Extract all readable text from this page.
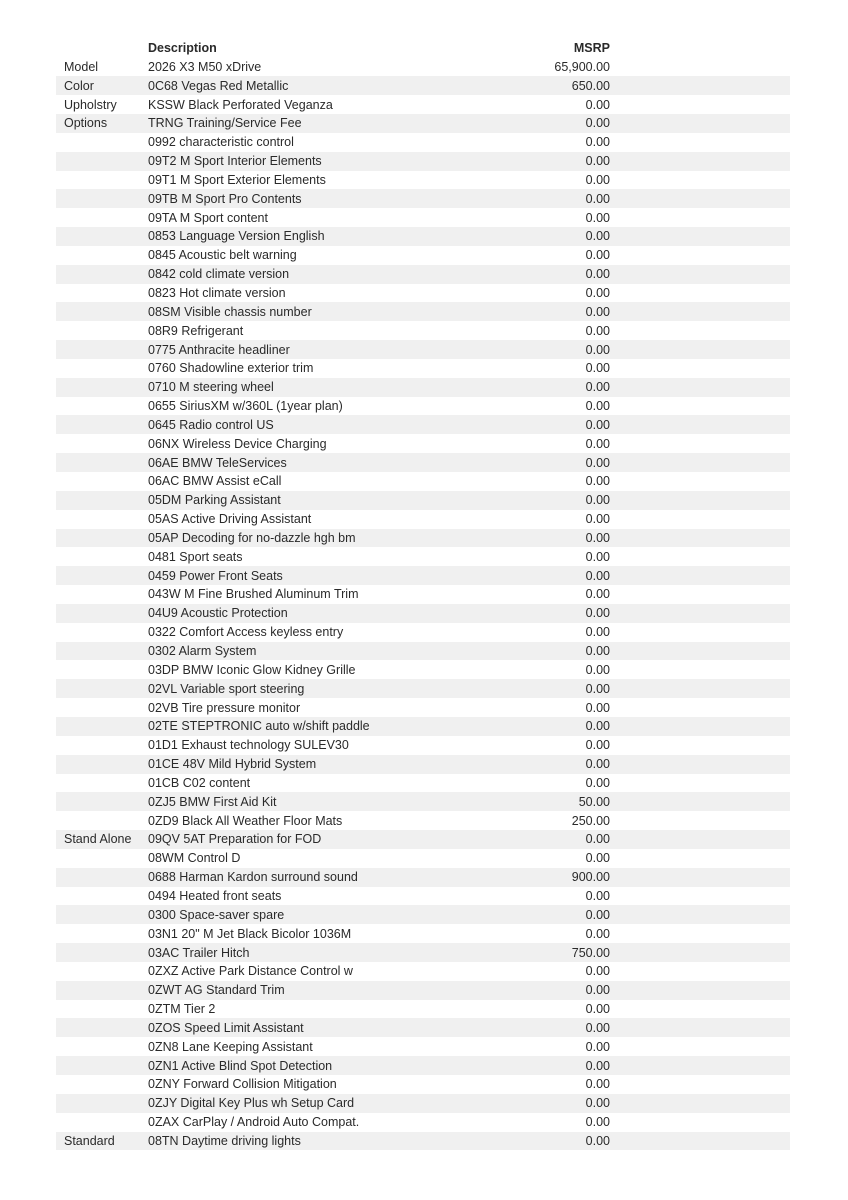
Description	MSRP
Model	2026 X3 M50 xDrive	65,900.00
Color	0C68 Vegas Red Metallic	650.00
Upholstry	KSSW Black Perforated Veganza	0.00
Options	TRNG Training/Service Fee	0.00
0992 characteristic control	0.00
09T2 M Sport Interior Elements	0.00
09T1 M Sport Exterior Elements	0.00
09TB M Sport Pro Contents	0.00
09TA M Sport content	0.00
0853 Language Version English	0.00
0845 Acoustic belt warning	0.00
0842 cold climate version	0.00
0823 Hot climate version	0.00
08SM Visible chassis number	0.00
08R9 Refrigerant	0.00
0775 Anthracite headliner	0.00
0760 Shadowline exterior trim	0.00
0710 M steering wheel	0.00
0655 SiriusXM w/360L (1year plan)	0.00
0645 Radio control US	0.00
06NX Wireless Device Charging	0.00
06AE BMW TeleServices	0.00
06AC BMW Assist eCall	0.00
05DM Parking Assistant	0.00
05AS Active Driving Assistant	0.00
05AP Decoding for no-dazzle hgh bm	0.00
0481 Sport seats	0.00
0459 Power Front Seats	0.00
043W M Fine Brushed Aluminum Trim	0.00
04U9 Acoustic Protection	0.00
0322 Comfort Access keyless entry	0.00
0302 Alarm System	0.00
03DP BMW Iconic Glow Kidney Grille	0.00
02VL Variable sport steering	0.00
02VB Tire pressure monitor	0.00
02TE STEPTRONIC auto w/shift paddle	0.00
01D1 Exhaust technology SULEV30	0.00
01CE 48V Mild Hybrid System	0.00
01CB C02 content	0.00
0ZJ5 BMW First Aid Kit	50.00
0ZD9 Black All Weather Floor Mats	250.00
Stand Alone	09QV 5AT Preparation for FOD	0.00
08WM Control D	0.00
0688 Harman Kardon surround sound	900.00
0494 Heated front seats	0.00
0300 Space-saver spare	0.00
03N1 20" M Jet Black Bicolor 1036M	0.00
03AC Trailer Hitch	750.00
0ZXZ Active Park Distance Control w	0.00
0ZWT AG Standard Trim	0.00
0ZTM Tier 2	0.00
0ZOS Speed Limit Assistant	0.00
0ZN8 Lane Keeping Assistant	0.00
0ZN1 Active Blind Spot Detection	0.00
0ZNY Forward Collision Mitigation	0.00
0ZJY Digital Key Plus wh Setup Card	0.00
0ZAX CarPlay / Android Auto Compat.	0.00
Standard	08TN Daytime driving lights	0.00
